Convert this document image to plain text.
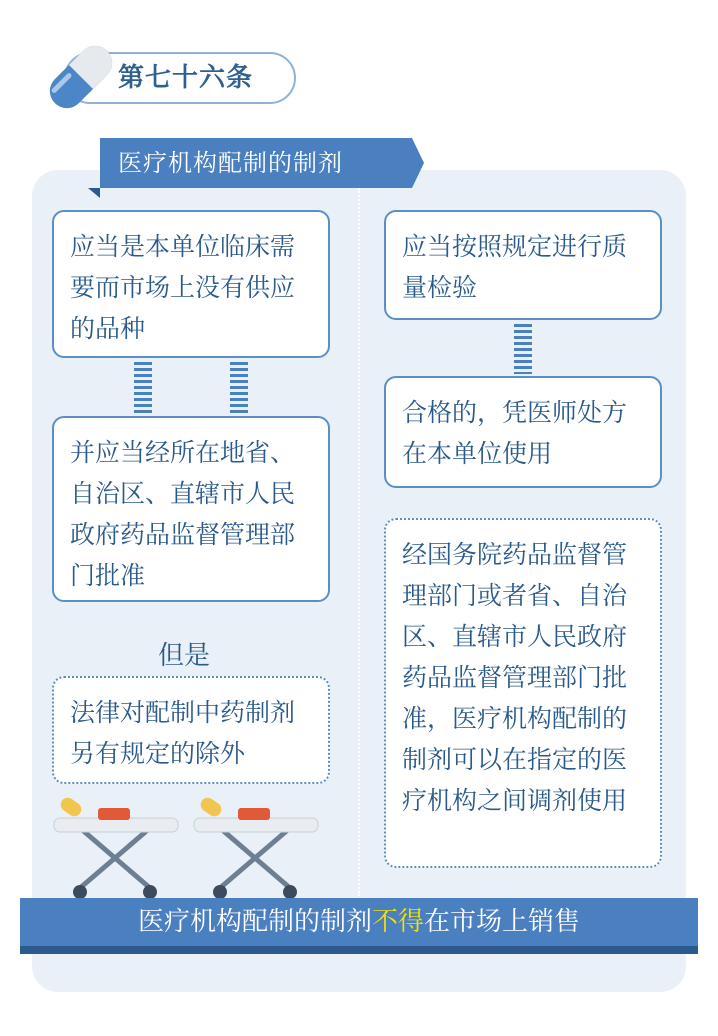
第七十六条
医疗机构配制的制剂
应当是本单位临床需要而市场上没有供应的品种
并应当经所在地省、自治区、直辖市人民政府药品监督管理部门批准
但是
法律对配制中药制剂另有规定的除外
应当按照规定进行质量检验
合格的，凭医师处方在本单位使用
经国务院药品监督管理部门或者省、自治区、直辖市人民政府药品监督管理部门批准，医疗机构配制的制剂可以在指定的医疗机构之间调剂使用
医疗机构配制的制剂不得在市场上销售
